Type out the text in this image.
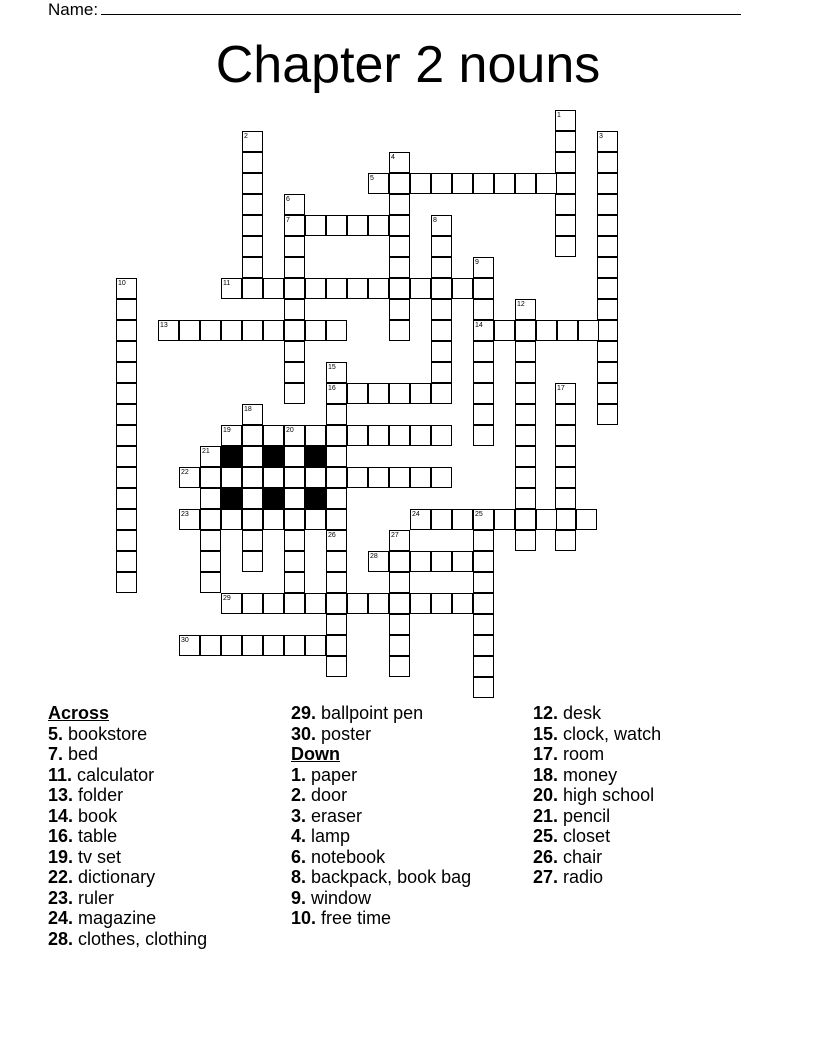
Name:
Chapter 2 nouns
1
2	3
4
5
6
7	8
9
10	11
12
13	14
15
16	17
18
19	20
21
22
23	24	25
26	27
28
29
30
Across
5. bookstore
7. bed
11. calculator
13. folder
14. book
16. table
19. tv set
22. dictionary
23. ruler
24. magazine
28. clothes, clothing
29. ballpoint pen
30. poster
Down
1. paper
2. door
3. eraser
4. lamp
6. notebook
8. backpack, book bag
9. window
10. free time
12. desk
15. clock, watch
17. room
18. money
20. high school
21. pencil
25. closet
26. chair
27. radio
